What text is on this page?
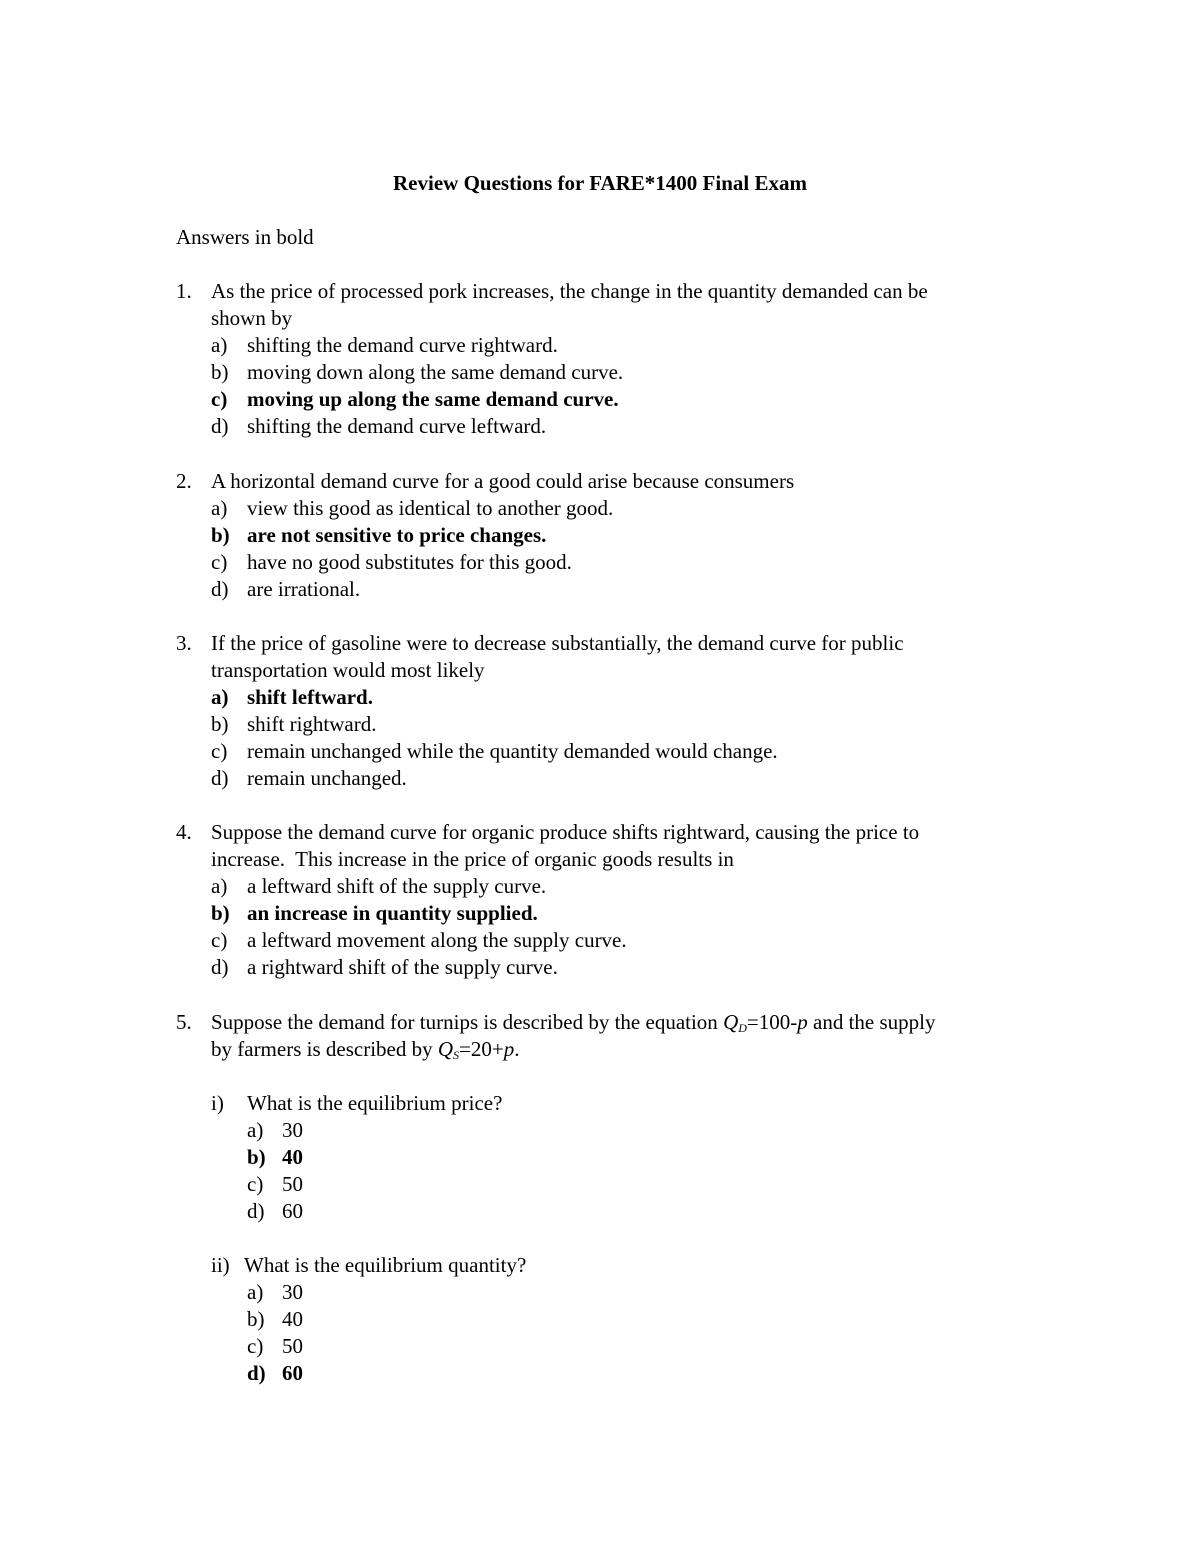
Review Questions for FARE*1400 Final Exam
Answers in bold
1. As the price of processed pork increases, the change in the quantity demanded can be
shown by
a) shifting the demand curve rightward.
b) moving down along the same demand curve.
c) moving up along the same demand curve.
d) shifting the demand curve leftward.
2. A horizontal demand curve for a good could arise because consumers
a) view this good as identical to another good.
b) are not sensitive to price changes.
c) have no good substitutes for this good.
d) are irrational.
3. If the price of gasoline were to decrease substantially, the demand curve for public
transportation would most likely
a) shift leftward.
b) shift rightward.
c) remain unchanged while the quantity demanded would change.
d) remain unchanged.
4. Suppose the demand curve for organic produce shifts rightward, causing the price to
increase.  This increase in the price of organic goods results in
a) a leftward shift of the supply curve.
b) an increase in quantity supplied.
c) a leftward movement along the supply curve.
d) a rightward shift of the supply curve.
5. Suppose the demand for turnips is described by the equation $Q_D=100-p$ and the supply
by farmers is described by $Q_S=20+p$.
i) What is the equilibrium price?
a) 30
b) 40
c) 50
d) 60
ii) What is the equilibrium quantity?
a) 30
b) 40
c) 50
d) 60
